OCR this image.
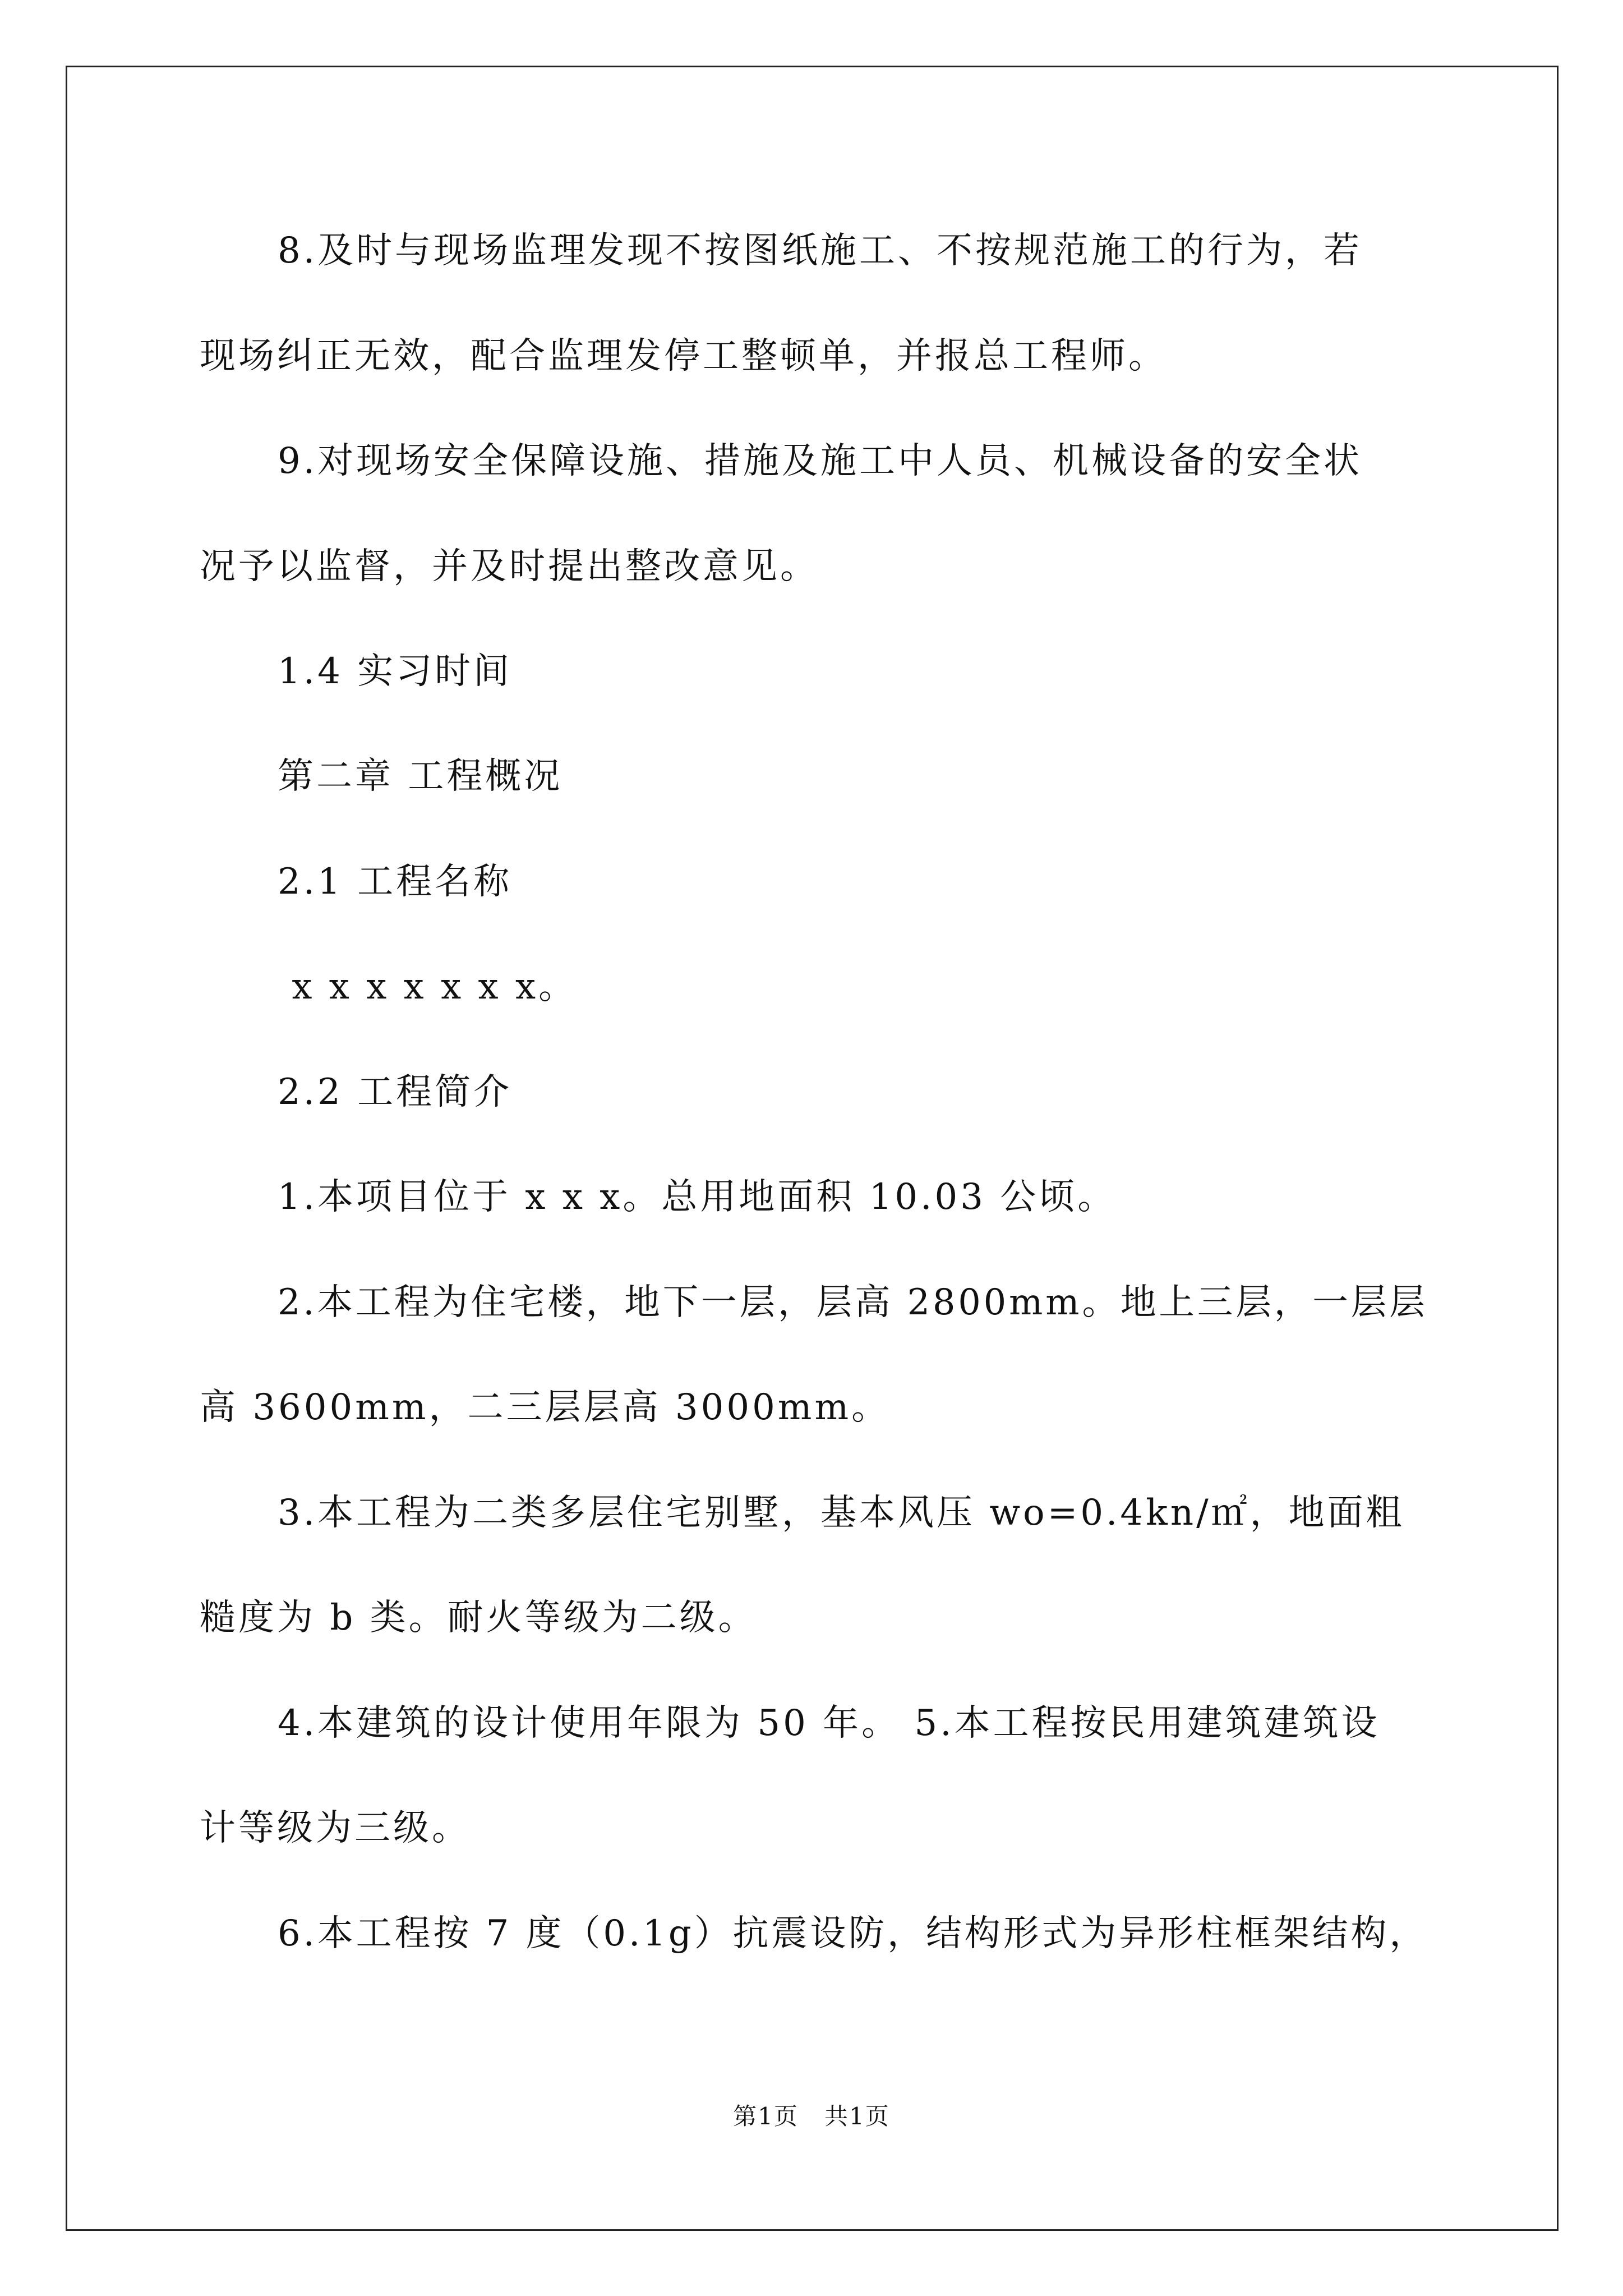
8.及时与现场监理发现不按图纸施工、不按规范施工的行为，若
现场纠正无效，配合监理发停工整顿单，并报总工程师。
9.对现场安全保障设施、措施及施工中人员、机械设备的安全状
况予以监督，并及时提出整改意见。
1.4 实习时间
第二章 工程概况
2.1 工程名称
x x x x x x x。
2.2 工程简介
1.本项目位于 x x x。总用地面积 10.03 公顷。
2.本工程为住宅楼，地下一层，层高 2800mm。地上三层，一层层
高 3600mm，二三层层高 3000mm。
3.本工程为二类多层住宅别墅，基本风压 wo=0.4kn/㎡，地面粗
糙度为 b 类。耐火等级为二级。
4.本建筑的设计使用年限为 50 年。 5.本工程按民用建筑建筑设
计等级为三级。
6.本工程按 7 度（0.1g）抗震设防，结构形式为异形柱框架结构，
第1页   共1页
